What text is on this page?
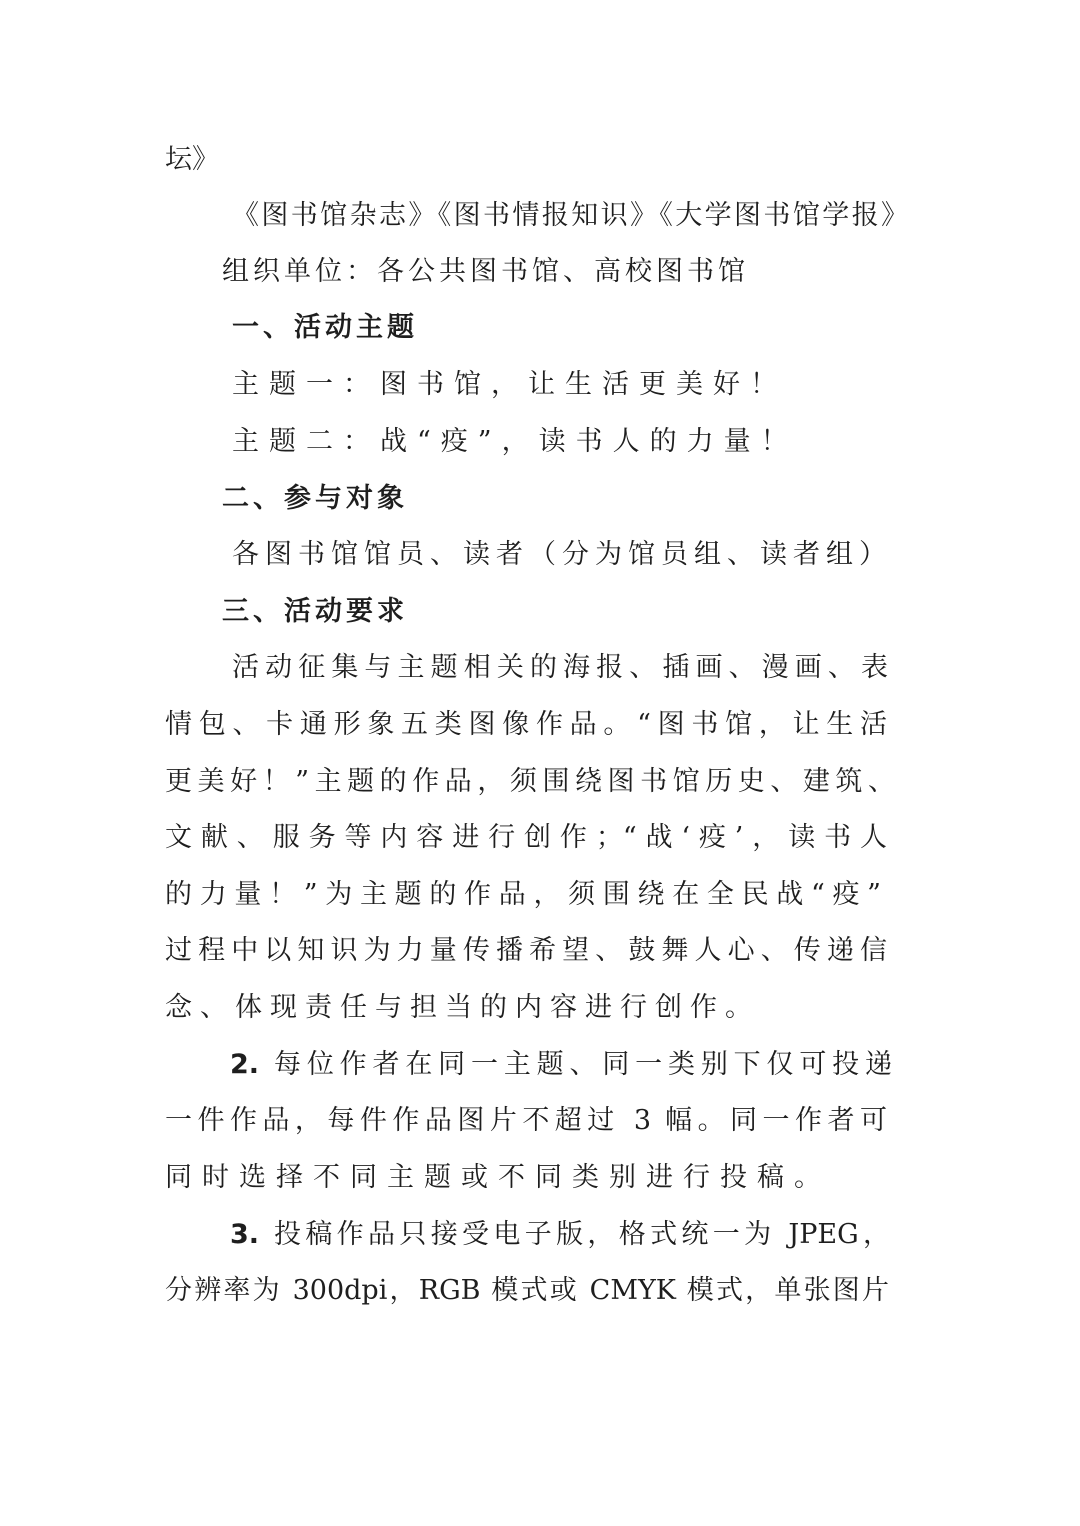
坛》
《图书馆杂志》《图书情报知识》《大学图书馆学报》
组织单位：各公共图书馆、高校图书馆
一、活动主题
主题一：图书馆，让生活更美好！
主题二：战“疫”，读书人的力量！
二、参与对象
各图书馆馆员、读者（分为馆员组、读者组）
三、活动要求
活动征集与主题相关的海报、插画、漫画、表
情包、卡通形象五类图像作品。“图书馆，让生活
更美好！”主题的作品，须围绕图书馆历史、建筑、
文献、服务等内容进行创作；“战‘疫’，读书人
的力量！”为主题的作品，须围绕在全民战“疫”
过程中以知识为力量传播希望、鼓舞人心、传递信
念、体现责任与担当的内容进行创作。
2. 每位作者在同一主题、同一类别下仅可投递
一件作品，每件作品图片不超过 3 幅。同一作者可
同时选择不同主题或不同类别进行投稿。
3. 投稿作品只接受电子版，格式统一为 JPEG，
分辨率为 300dpi，RGB 模式或 CMYK 模式，单张图片
